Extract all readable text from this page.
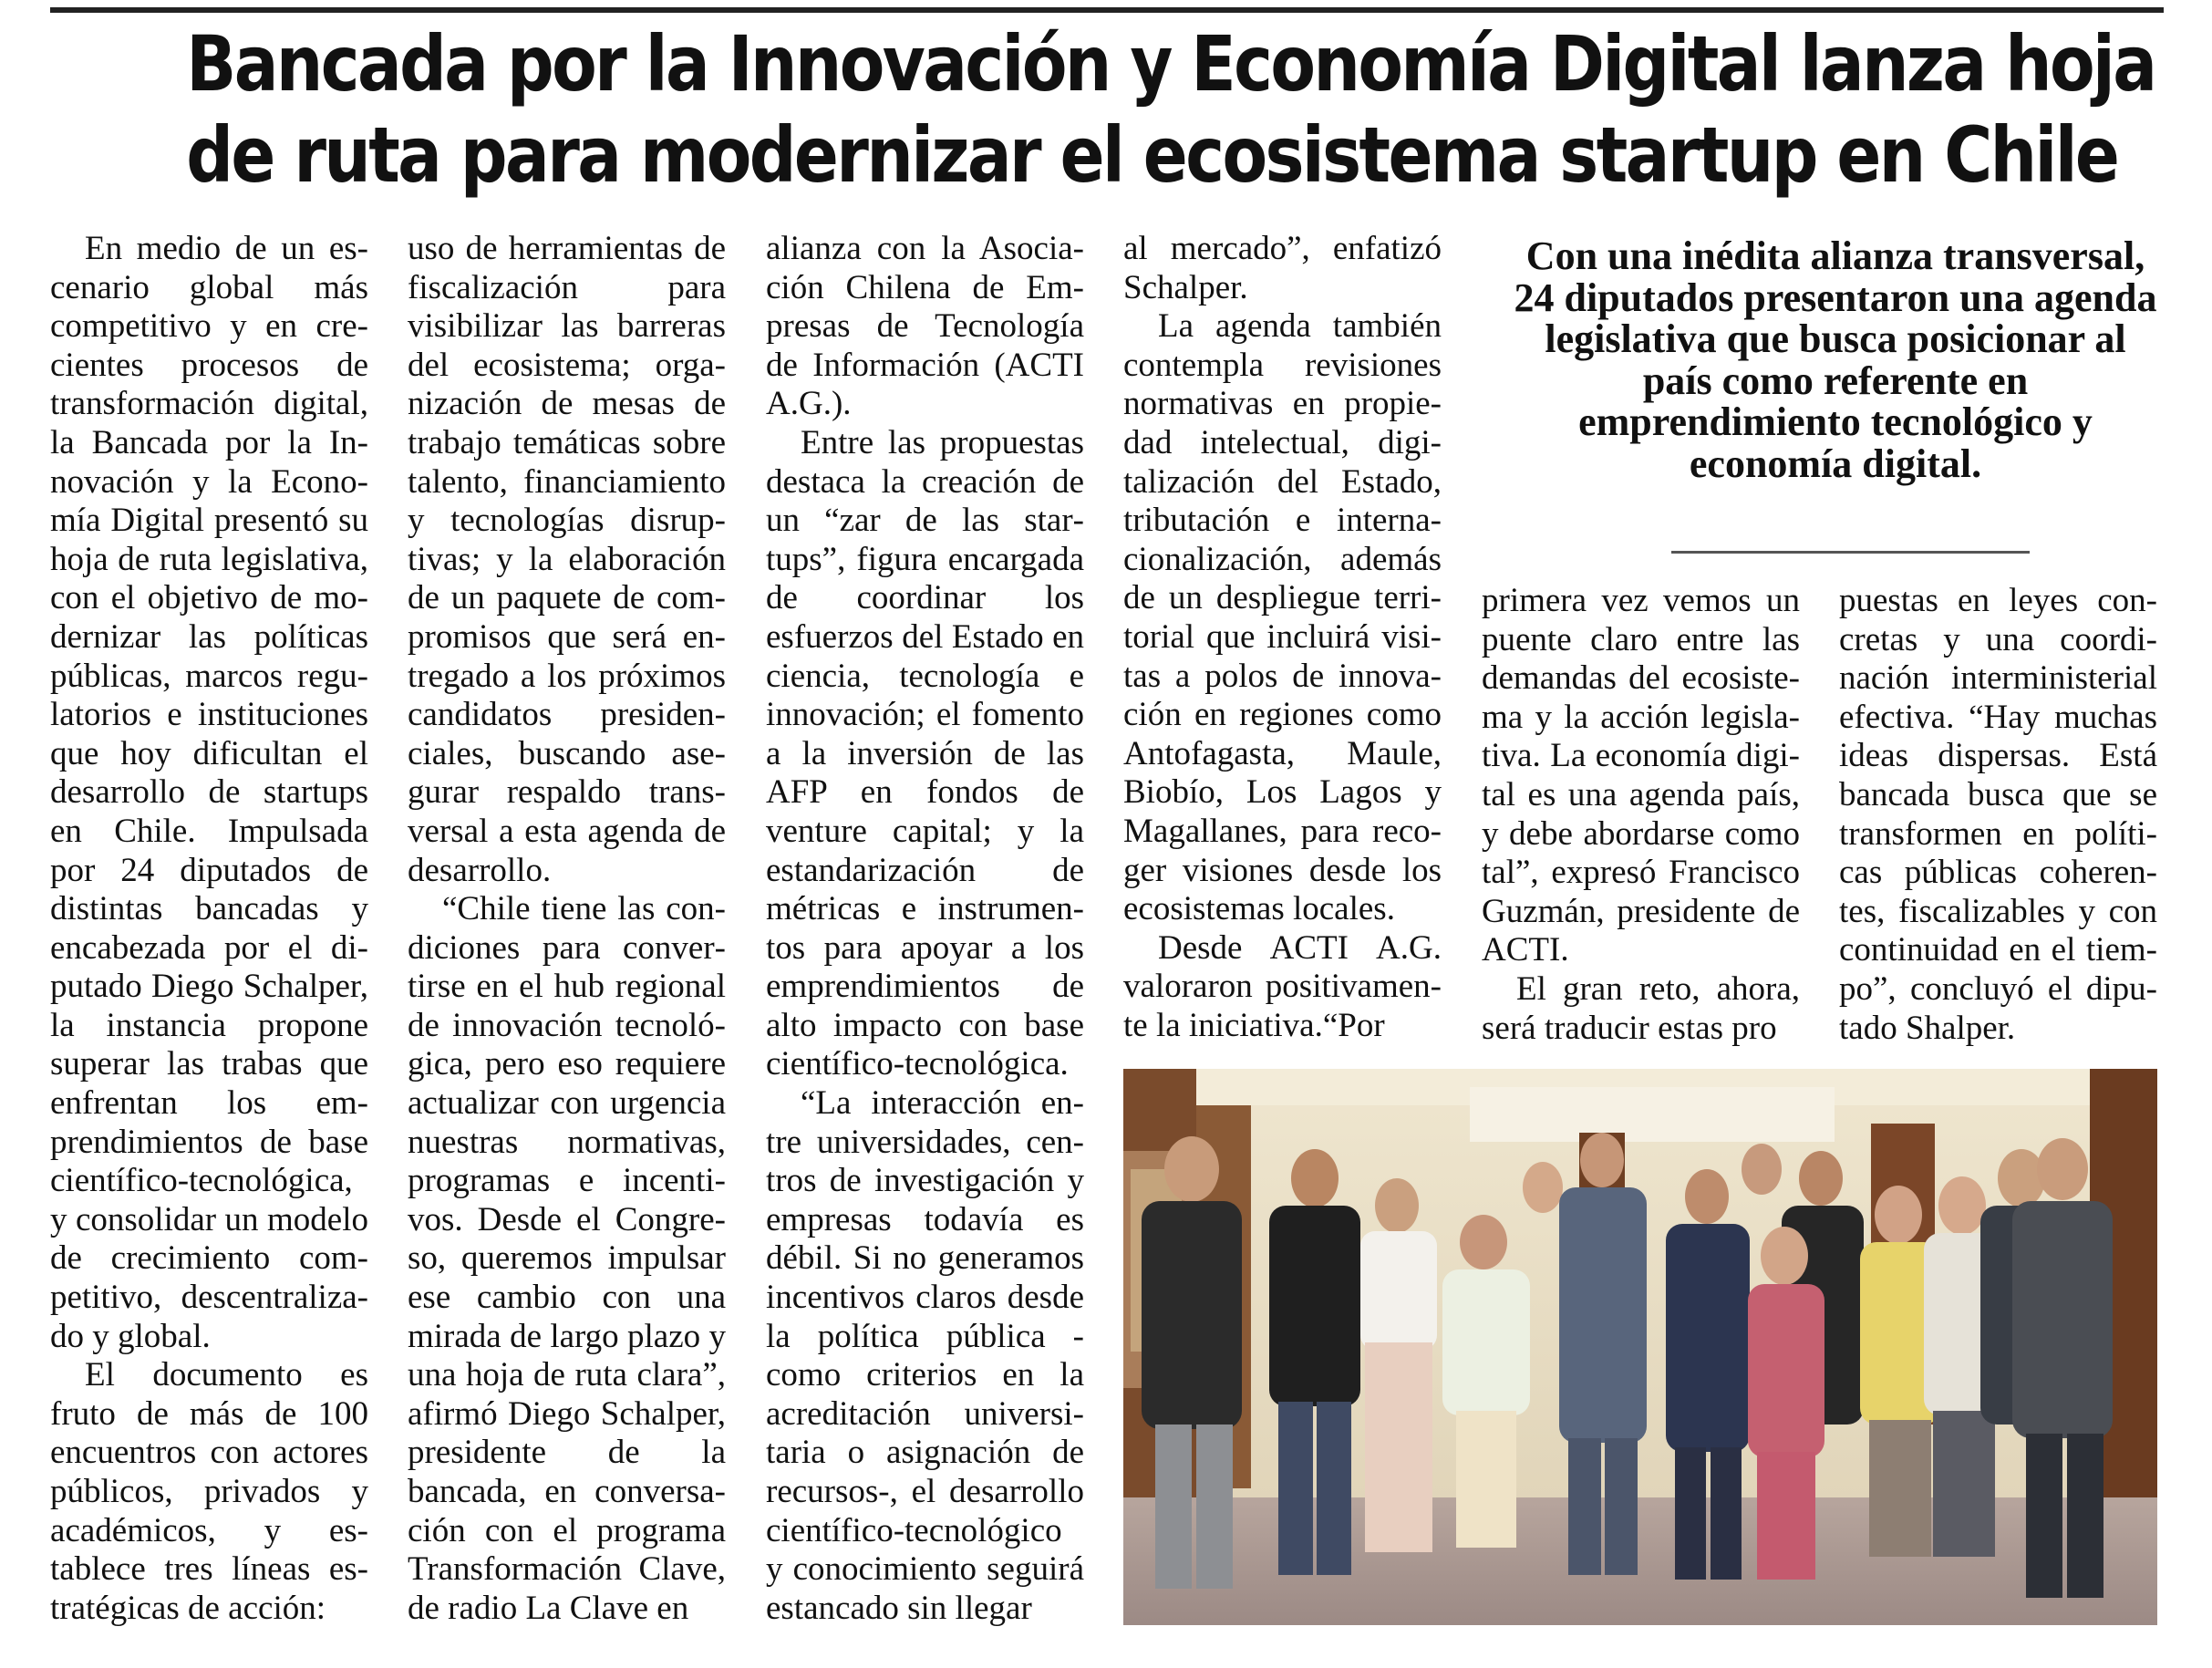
Bancada por la Innovación y Economía Digital lanza hoja
de ruta para modernizar el ecosistema startup en Chile

En medio de un escenario global más competitivo y en crecientes procesos de transformación digital, la Bancada por la Innovación y la Economía Digital presentó su hoja de ruta legislativa, con el objetivo de modernizar las políticas públicas, marcos regulatorios e instituciones que hoy dificultan el desarrollo de startups en Chile. Impulsada por 24 diputados de distintas bancadas y encabezada por el diputado Diego Schalper, la instancia propone superar las trabas que enfrentan los emprendimientos de base científico-tecnológica, y consolidar un modelo de crecimiento competitivo, descentralizado y global.

El documento es fruto de más de 100 encuentros con actores públicos, privados y académicos, y establece tres líneas estratégicas de acción:

uso de herramientas de fiscalización para visibilizar las barreras del ecosistema; organización de mesas de trabajo temáticas sobre talento, financiamiento y tecnologías disruptivas; y la elaboración de un paquete de compromisos que será entregado a los próximos candidatos presidenciales, buscando asegurar respaldo transversal a esta agenda de desarrollo.

“Chile tiene las condiciones para convertirse en el hub regional de innovación tecnológica, pero eso requiere actualizar con urgencia nuestras normativas, programas e incentivos. Desde el Congreso, queremos impulsar ese cambio con una mirada de largo plazo y una hoja de ruta clara”, afirmó Diego Schalper, presidente de la bancada, en conversación con el programa Transformación Clave, de radio La Clave en

alianza con la Asociación Chilena de Empresas de Tecnología de Información (ACTI A.G.).

Entre las propuestas destaca la creación de un “zar de las startups”, figura encargada de coordinar los esfuerzos del Estado en ciencia, tecnología e innovación; el fomento a la inversión de las AFP en fondos de venture capital; y la estandarización de métricas e instrumentos para apoyar a los emprendimientos de alto impacto con base científico-tecnológica.

“La interacción entre universidades, centros de investigación y empresas todavía es débil. Si no generamos incentivos claros desde la política pública - como criterios en la acreditación universitaria o asignación de recursos-, el desarrollo científico-tecnológico y conocimiento seguirá estancado sin llegar

al mercado”, enfatizó Schalper.

La agenda también contempla revisiones normativas en propiedad intelectual, digitalización del Estado, tributación e internacionalización, además de un despliegue territorial que incluirá visitas a polos de innovación en regiones como Antofagasta, Maule, Biobío, Los Lagos y Magallanes, para recoger visiones desde los ecosistemas locales.

Desde ACTI A.G. valoraron positivamente la iniciativa.“Por

Con una inédita alianza transversal, 24 diputados presentaron una agenda legislativa que busca posicionar al país como referente en emprendimiento tecnológico y economía digital.

primera vez vemos un puente claro entre las demandas del ecosistema y la acción legislativa. La economía digital es una agenda país, y debe abordarse como tal”, expresó Francisco Guzmán, presidente de ACTI.

El gran reto, ahora, será traducir estas pro

puestas en leyes concretas y una coordinación interministerial efectiva. “Hay muchas ideas dispersas. Está bancada busca que se transformen en políticas públicas coherentes, fiscalizables y con continuidad en el tiempo”, concluyó el diputado Shalper.
